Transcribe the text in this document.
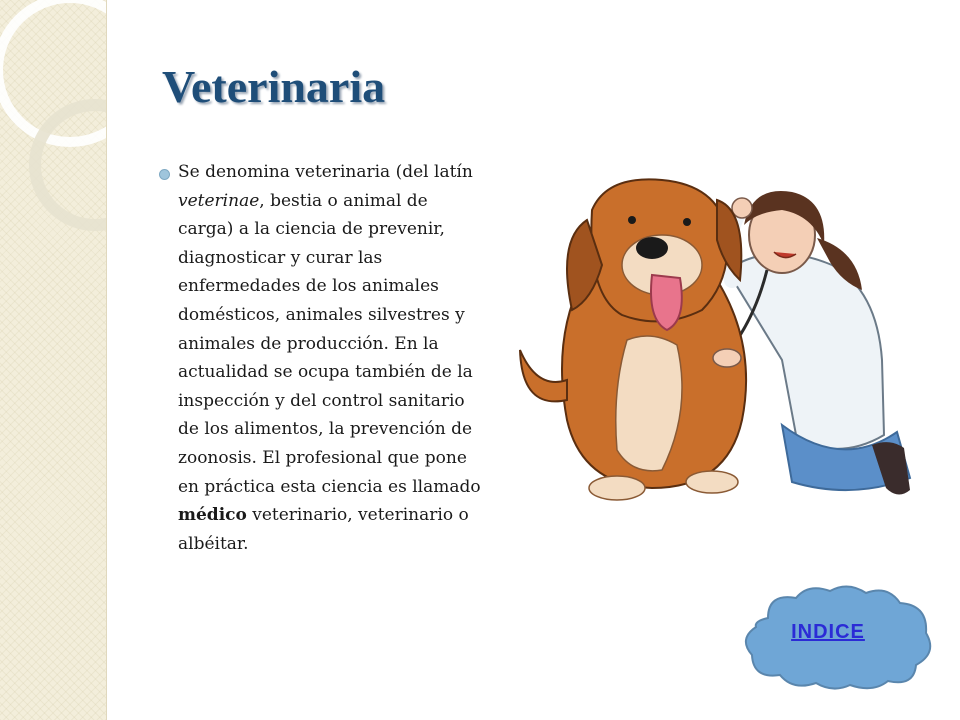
Veterinaria
Se denomina veterinaria (del latín veterinae, bestia o animal de carga) a la ciencia de prevenir, diagnosticar y curar las enfermedades de los animales domésticos, animales silvestres y animales de producción. En la actualidad se ocupa también de la inspección y del control sanitario de los alimentos, la prevención de zoonosis. El profesional que pone en práctica esta ciencia es llamado médico veterinario, veterinario o albéitar.
INDICE
